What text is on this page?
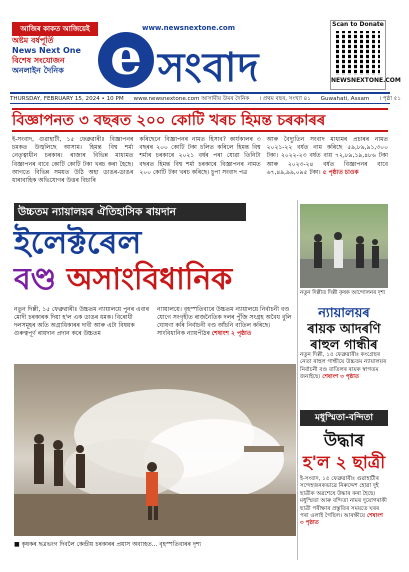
আজিৰ কাকত আজিয়েই
অষ্টম বৰ্ষপূৰ্তি
News Next One
বিশেষ সংযোজন
অনলাইন দৈনিক
www.newsnextone.com
e সংবাদ
Scan to Donate
NEWSNEXTONE.COM
THURSDAY, FEBRUARY 15, 2024 • 10 PM www.newsnextone.com আসামীয় উমৰ দৈনিক । প্ৰথম বছৰ, সংখ্যা ৪১ Guwahati, Assam । পৃষ্ঠা ৫১
বিজ্ঞাপনত ৩ বছৰত ২০০ কোটি খৰচ হিমন্ত চৰকাৰৰ

ই-সংবাদ, গুৱাহাটী, ১৫ ফেব্ৰুৱাৰীঃ বিজ্ঞাপনৰ চমকত উজ্বলিছে আসাম। হিমন্ত বিশ্ব শৰ্মা নেতৃত্বাধীন চৰকাৰ। ৰাজ্যৰ বিভিন্ন মাধ্যমত বিজ্ঞাপনৰ বাবে কোটি কোটি টকা খৰচ কৰা হৈছে। আগতে বিভিন্ন সময়ত উঠি অহা ডাঙৰ-ডাঙৰ ধাৰাবাহিক অভিযোগৰ উত্তৰ বিচাৰি

কৰিছেনে বিজ্ঞাপনৰ নামত হিসাব? কাৰ্যকালৰ ৩ বছৰৰ ২০০ কোটি টকা চলিত কৰিলে হিমন্ত বিশ্ব শৰ্মাৰ চৰকাৰে ২০২১ বৰ্ষৰ পৰা যোৱা তিনিটা বছৰত হিমন্ত বিশ্ব শৰ্মা চৰকাৰে বিজ্ঞাপনৰ নামত ২০০ কোটি টকা খৰচ কৰিছে। চুপা সংবাদ পত্ৰ

আৰু বৈদ্যুতিন সংবাদ মাধ্যমৰ প্ৰচাৰৰ নামত ২০২১-২২ বৰ্ষত নাম কৰিছে ৫৯,৮৯,৯১,৩০০ টকা। ২০২২-২৩ বৰ্ষত ব্যয় ৭২,৮৯,১৯,৪৮৬ টকা আৰু ২০২৩-২৪ বৰ্ষত বিজ্ঞাপনৰ বাবে ৬৭,৪৯,৯৯,০৯৫ টকা। ৫ পৃষ্ঠাত চাওক

উচ্চতম ন্যায়ালয়ৰ ঐতিহাসিক ৰায়দান
ইলেক্টৰেল
বণ্ড অসাংবিধানিক

নতুন দিল্লী, ১৫ ফেব্ৰুৱাৰীঃ উচ্চতম ন্যায়ালয়ে পুনৰ এবাৰ মোদী চৰকাৰক দিয়া হ'ল এক ডাঙৰ ধমক। বিৰোধী দলসমূহৰ অতি অগ্ৰাধিকাৰৰ দাবী আৰু এটা বিষয়ক গুৰুত্বপূৰ্ণ ৰায়দান প্ৰদান কৰে উচ্চতম

ন্যায়ালয়ে। বৃহস্পতিবাৰে উচ্চতম ন্যায়ালয়ে নিৰ্বাচনী বণ্ড যোগে সংগৃহীত ৰাজনৈতিক দলৰ পুঁজি সংগ্ৰহ অবৈধ বুলি ঘোষণা কৰি নিৰ্বাচনী বণ্ড আঁচনি বাতিল কৰিছে। সাংবিধানিক ন্যায়পীঠৰ শেষাংশ ২ পৃষ্ঠাত

■ কৃষকৰ ছত্ৰভংগ দিবলৈ কেন্দ্ৰীয় চৰকাৰৰ প্ৰয়াস অব্যাহত... বৃহস্পতিবাৰৰ দৃশ্য
নতুন দিল্লীত দিল্লী কৃষক আন্দোলনৰ দৃশ্য
ন্যায়ালয়ৰ
ৰায়ক আদৰণি
ৰাহুল গান্ধীৰ
নতুন দিল্লী, ১৫ ফেব্ৰুৱাৰীঃ কংগ্ৰেছৰ নেতা ৰাহুল গান্ধীয়ে উচ্চতম ন্যায়ালয়ৰ নিৰ্বাচনী বণ্ড বাতিলৰ ৰায়ক স্বাগতম জনাইছে। শেষাংশ ৩ পৃষ্ঠাত
মধুস্মিতা-বন্দিতা
উদ্ধাৰ
হ'ল ২ ছাত্ৰী
ই-সংবাদ, ১৫ ফেব্ৰুৱাৰীঃ গুৱাহাটীৰ সন্দেহজনকভাৱে নিৰুদ্দেশ হোৱা দুই ছাত্ৰীক অৱশেষে উদ্ধাৰ কৰা হৈছে। মধুস্মিতা আৰু বন্দিতা নামৰ দুয়োগৰাকী ছাত্ৰী পৰীক্ষাৰ প্ৰস্তুতিৰ সময়তে ঘৰৰ পৰা ওলাই গৈছিল। আৰক্ষীয়ে শেষাংশ ৩ পৃষ্ঠাত
